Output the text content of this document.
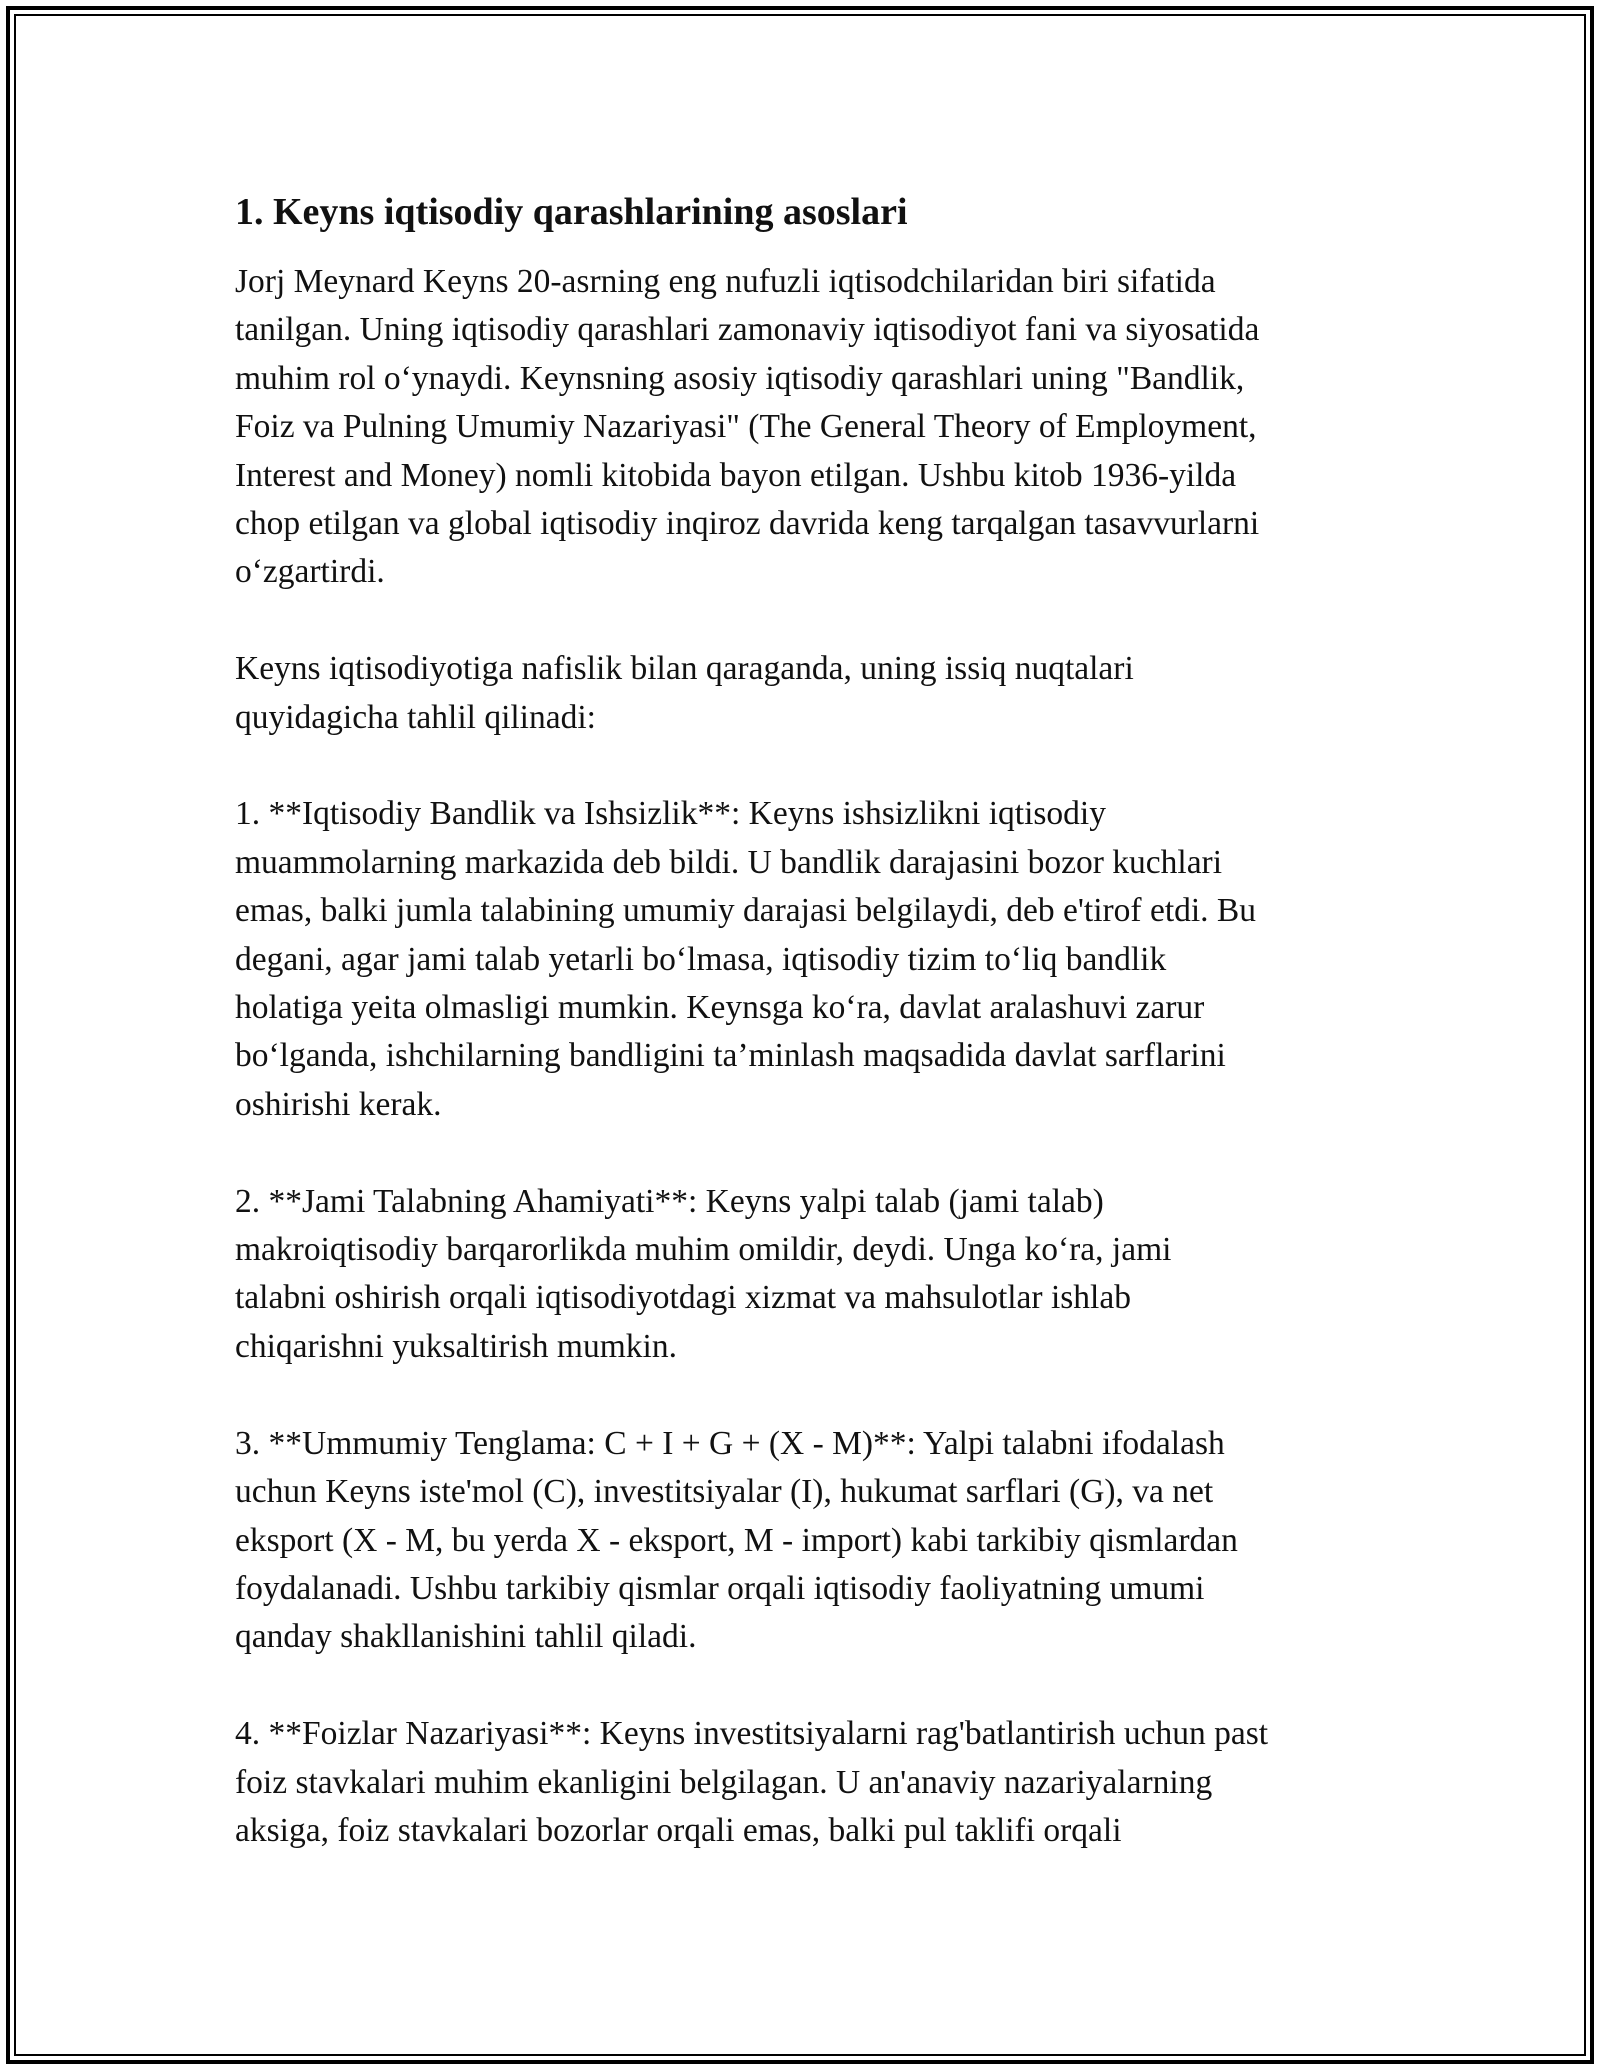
1. Keyns iqtisodiy qarashlarining asoslari
Jorj Meynard Keyns 20-asrning eng nufuzli iqtisodchilaridan biri sifatida
tanilgan. Uning iqtisodiy qarashlari zamonaviy iqtisodiyot fani va siyosatida
muhim rol o‘ynaydi. Keynsning asosiy iqtisodiy qarashlari uning "Bandlik,
Foiz va Pulning Umumiy Nazariyasi" (The General Theory of Employment,
Interest and Money) nomli kitobida bayon etilgan. Ushbu kitob 1936-yilda
chop etilgan va global iqtisodiy inqiroz davrida keng tarqalgan tasavvurlarni
o‘zgartirdi.
Keyns iqtisodiyotiga nafislik bilan qaraganda, uning issiq nuqtalari
quyidagicha tahlil qilinadi:
1. **Iqtisodiy Bandlik va Ishsizlik**: Keyns ishsizlikni iqtisodiy
muammolarning markazida deb bildi. U bandlik darajasini bozor kuchlari
emas, balki jumla talabining umumiy darajasi belgilaydi, deb e'tirof etdi. Bu
degani, agar jami talab yetarli bo‘lmasa, iqtisodiy tizim to‘liq bandlik
holatiga yeita olmasligi mumkin. Keynsga ko‘ra, davlat aralashuvi zarur
bo‘lganda, ishchilarning bandligini ta’minlash maqsadida davlat sarflarini
oshirishi kerak.
2. **Jami Talabning Ahamiyati**: Keyns yalpi talab (jami talab)
makroiqtisodiy barqarorlikda muhim omildir, deydi. Unga ko‘ra, jami
talabni oshirish orqali iqtisodiyotdagi xizmat va mahsulotlar ishlab
chiqarishni yuksaltirish mumkin.
3. **Ummumiy Tenglama: C + I + G + (X - M)**: Yalpi talabni ifodalash
uchun Keyns iste'mol (C), investitsiyalar (I), hukumat sarflari (G), va net
eksport (X - M, bu yerda X - eksport, M - import) kabi tarkibiy qismlardan
foydalanadi. Ushbu tarkibiy qismlar orqali iqtisodiy faoliyatning umumi
qanday shakllanishini tahlil qiladi.
4. **Foizlar Nazariyasi**: Keyns investitsiyalarni rag'batlantirish uchun past
foiz stavkalari muhim ekanligini belgilagan. U an'anaviy nazariyalarning
aksiga, foiz stavkalari bozorlar orqali emas, balki pul taklifi orqali
